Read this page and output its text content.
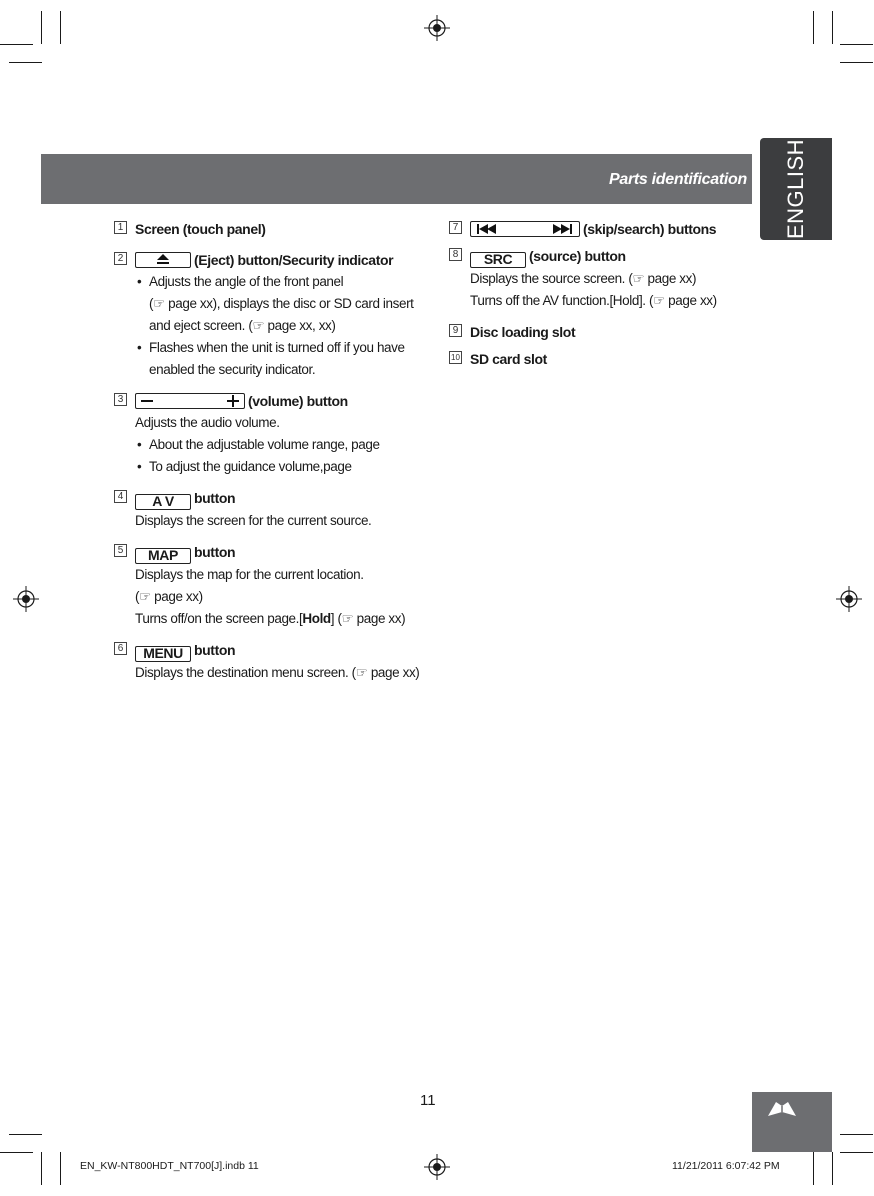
Parts identification ENGLISH
1 Screen (touch panel)
2	(Eject) button/Security indicator
• Adjusts the angle of the front panel
(☞ page xx), displays the disc or SD card insert
and eject screen. (☞ page xx, xx)
• Flashes when the unit is turned off if you have
enabled the security indicator.
3	(volume) button
Adjusts the audio volume.
• About the adjustable volume range, page
• To adjust the guidance volume,page
4	A V	button
Displays the screen for the current source.
5	MAP	button
Displays the map for the current location.
(☞ page xx)
Turns off/on the screen page.[Hold] (☞ page xx)
6	MENU button
Displays the destination menu screen. (☞ page xx)
7	(skip/search) buttons
8	SRC	(source) button
Displays the source screen. (☞ page xx)
Turns off the AV function.[Hold]. (☞ page xx)
9 Disc loading slot
10 SD card slot
11
EN_KW-NT800HDT_NT700[J].indb 11	11/21/2011 6:07:42 PM
